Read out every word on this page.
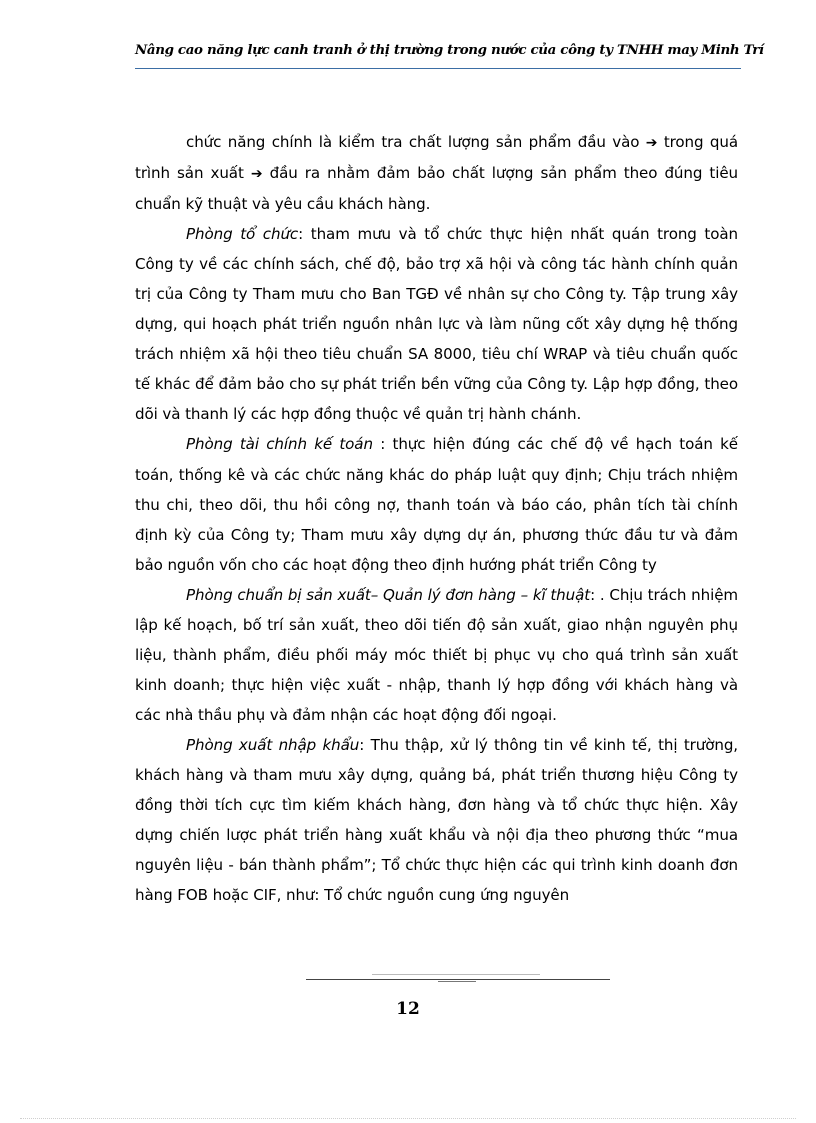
Nâng cao năng lực canh tranh ở thị trường trong nước của công ty TNHH may Minh Trí

chức năng chính là kiểm tra chất lượng sản phẩm đầu vào ➔ trong quá trình sản xuất ➔ đầu ra nhằm đảm bảo chất lượng sản phẩm theo đúng tiêu chuẩn kỹ thuật và yêu cầu khách hàng.

Phòng tổ chức: tham mưu và tổ chức thực hiện nhất quán trong toàn Công ty về các chính sách, chế độ, bảo trợ xã hội và công tác hành chính quản trị của Công ty Tham mưu cho Ban TGĐ về nhân sự cho Công ty. Tập trung xây dựng, qui hoạch phát triển nguồn nhân lực và làm nũng cốt xây dựng hệ thống trách nhiệm xã hội theo tiêu chuẩn SA 8000, tiêu chí WRAP và tiêu chuẩn quốc tế khác để đảm bảo cho sự phát triển bền vững của Công ty. Lập hợp đồng, theo dõi và thanh lý các hợp đồng thuộc về quản trị hành chánh.

Phòng tài chính kế toán : thực hiện đúng các chế độ về hạch toán kế toán, thống kê và các chức năng khác do pháp luật quy định; Chịu trách nhiệm thu chi, theo dõi, thu hồi công nợ, thanh toán và báo cáo, phân tích tài chính định kỳ của Công ty; Tham mưu xây dựng dự án, phương thức đầu tư và đảm bảo nguồn vốn cho các hoạt động theo định hướng phát triển Công ty

Phòng chuẩn bị sản xuất– Quản lý đơn hàng – kĩ thuật: . Chịu trách nhiệm lập kế hoạch, bố trí sản xuất, theo dõi tiến độ sản xuất, giao nhận nguyên phụ liệu, thành phẩm, điều phối máy móc thiết bị phục vụ cho quá trình sản xuất kinh doanh; thực hiện việc xuất - nhập, thanh lý hợp đồng với khách hàng và các nhà thầu phụ và đảm nhận các hoạt động đối ngoại.

Phòng xuất nhập khẩu: Thu thập, xử lý thông tin về kinh tế, thị trường, khách hàng và tham mưu xây dựng, quảng bá, phát triển thương hiệu Công ty đồng thời tích cực tìm kiếm khách hàng, đơn hàng và tổ chức thực hiện. Xây dựng chiến lược phát triển hàng xuất khẩu và nội địa theo phương thức “mua nguyên liệu - bán thành phẩm”; Tổ chức thực hiện các qui trình kinh doanh đơn hàng FOB hoặc CIF, như: Tổ chức nguồn cung ứng nguyên

12
